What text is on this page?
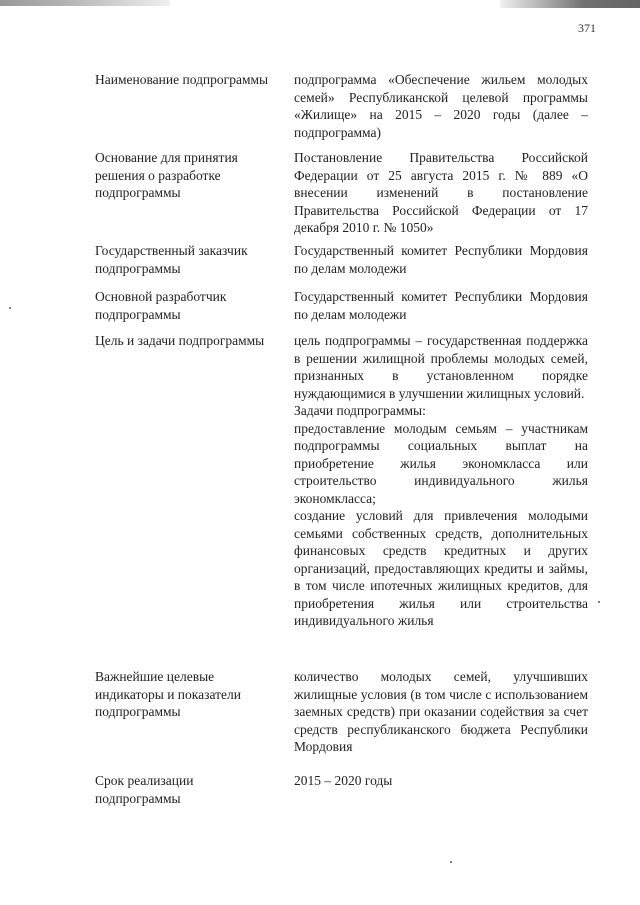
371
Наименование подпрограммы подпрограмма «Обеспечение жильем молодых семей» Республиканской целевой программы «Жилище» на 2015 – 2020 годы (далее – подпрограмма)

Основание для принятия решения о разработке подпрограммы

Постановление Правительства Российской Федерации от 25 августа 2015 г. № 889 «О внесении изменений в постановление Правительства Российской Федерации от 17 декабря 2010 г. № 1050»

Государственный заказчик подпрограммы

Государственный комитет Республики Мордовия по делам молодежи

Основной разработчик подпрограммы

Государственный комитет Республики Мордовия по делам молодежи

Цель и задачи подпрограммы	цель подпрограммы – государственная поддержка в решении жилищной проблемы молодых семей, признанных в установленном порядке нуждающимися в улучшении жилищных условий.

Задачи подпрограммы:

предоставление молодым семьям – участникам подпрограммы социальных выплат на приобретение жилья экономкласса или строительство индивидуального жилья экономкласса;

создание условий для привлечения молодыми семьями собственных средств, дополнительных финансовых средств кредитных и других организаций, предоставляющих кредиты и займы, в том числе ипотечных жилищных кредитов, для приобретения жилья или строительства индивидуального жилья

Важнейшие целевые индикаторы и показатели подпрограммы

количество молодых семей, улучшивших жилищные условия (в том числе с использованием заемных средств) при оказании содействия за счет средств республиканского бюджета Республики Мордовия

Срок реализации подпрограммы

2015 – 2020 годы
